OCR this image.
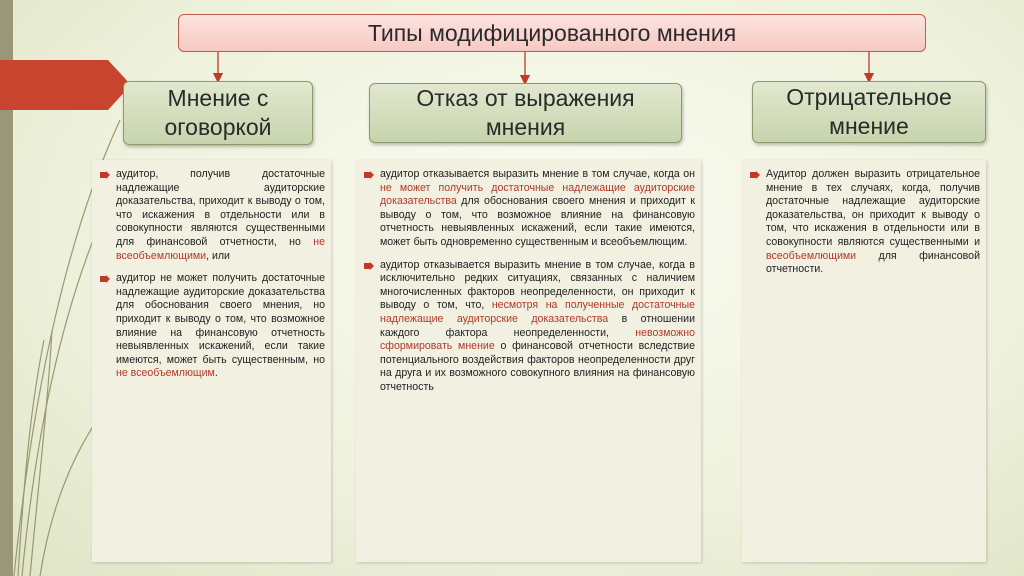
Типы модифицированного мнения
Мнение с
оговоркой
Отказ от выражения
мнения
Отрицательное
мнение
аудитор, получив достаточные надлежащие аудиторские доказательства, приходит к выводу о том, что искажения в отдельности или в совокупности являются существенными для финансовой отчетности, но не всеобъемлющими, или
аудитор не может получить достаточные надлежащие аудиторские доказательства для обоснования своего мнения, но приходит к выводу о том, что возможное влияние на финансовую отчетность невыявленных искажений, если такие имеются, может быть существенным, но не всеобъемлющим.
аудитор отказывается выразить мнение в том случае, когда он не может получить достаточные надлежащие аудиторские доказательства для обоснования своего мнения и приходит к выводу о том, что возможное влияние на финансовую отчетность невыявленных искажений, если такие имеются, может быть одновременно существенным и всеобъемлющим.
аудитор отказывается выразить мнение в том случае, когда в исключительно редких ситуациях, связанных с наличием многочисленных факторов неопределенности, он приходит к выводу о том, что, несмотря на полученные достаточные надлежащие аудиторские доказательства в отношении каждого фактора неопределенности, невозможно сформировать мнение о финансовой отчетности вследствие потенциального воздействия факторов неопределенности друг на друга и их возможного совокупного влияния на финансовую отчетность
Аудитор должен выразить отрицательное мнение в тех случаях, когда, получив достаточные надлежащие аудиторские доказательства, он приходит к выводу о том, что искажения в отдельности или в совокупности являются существенными и всеобъемлющими для финансовой отчетности.
